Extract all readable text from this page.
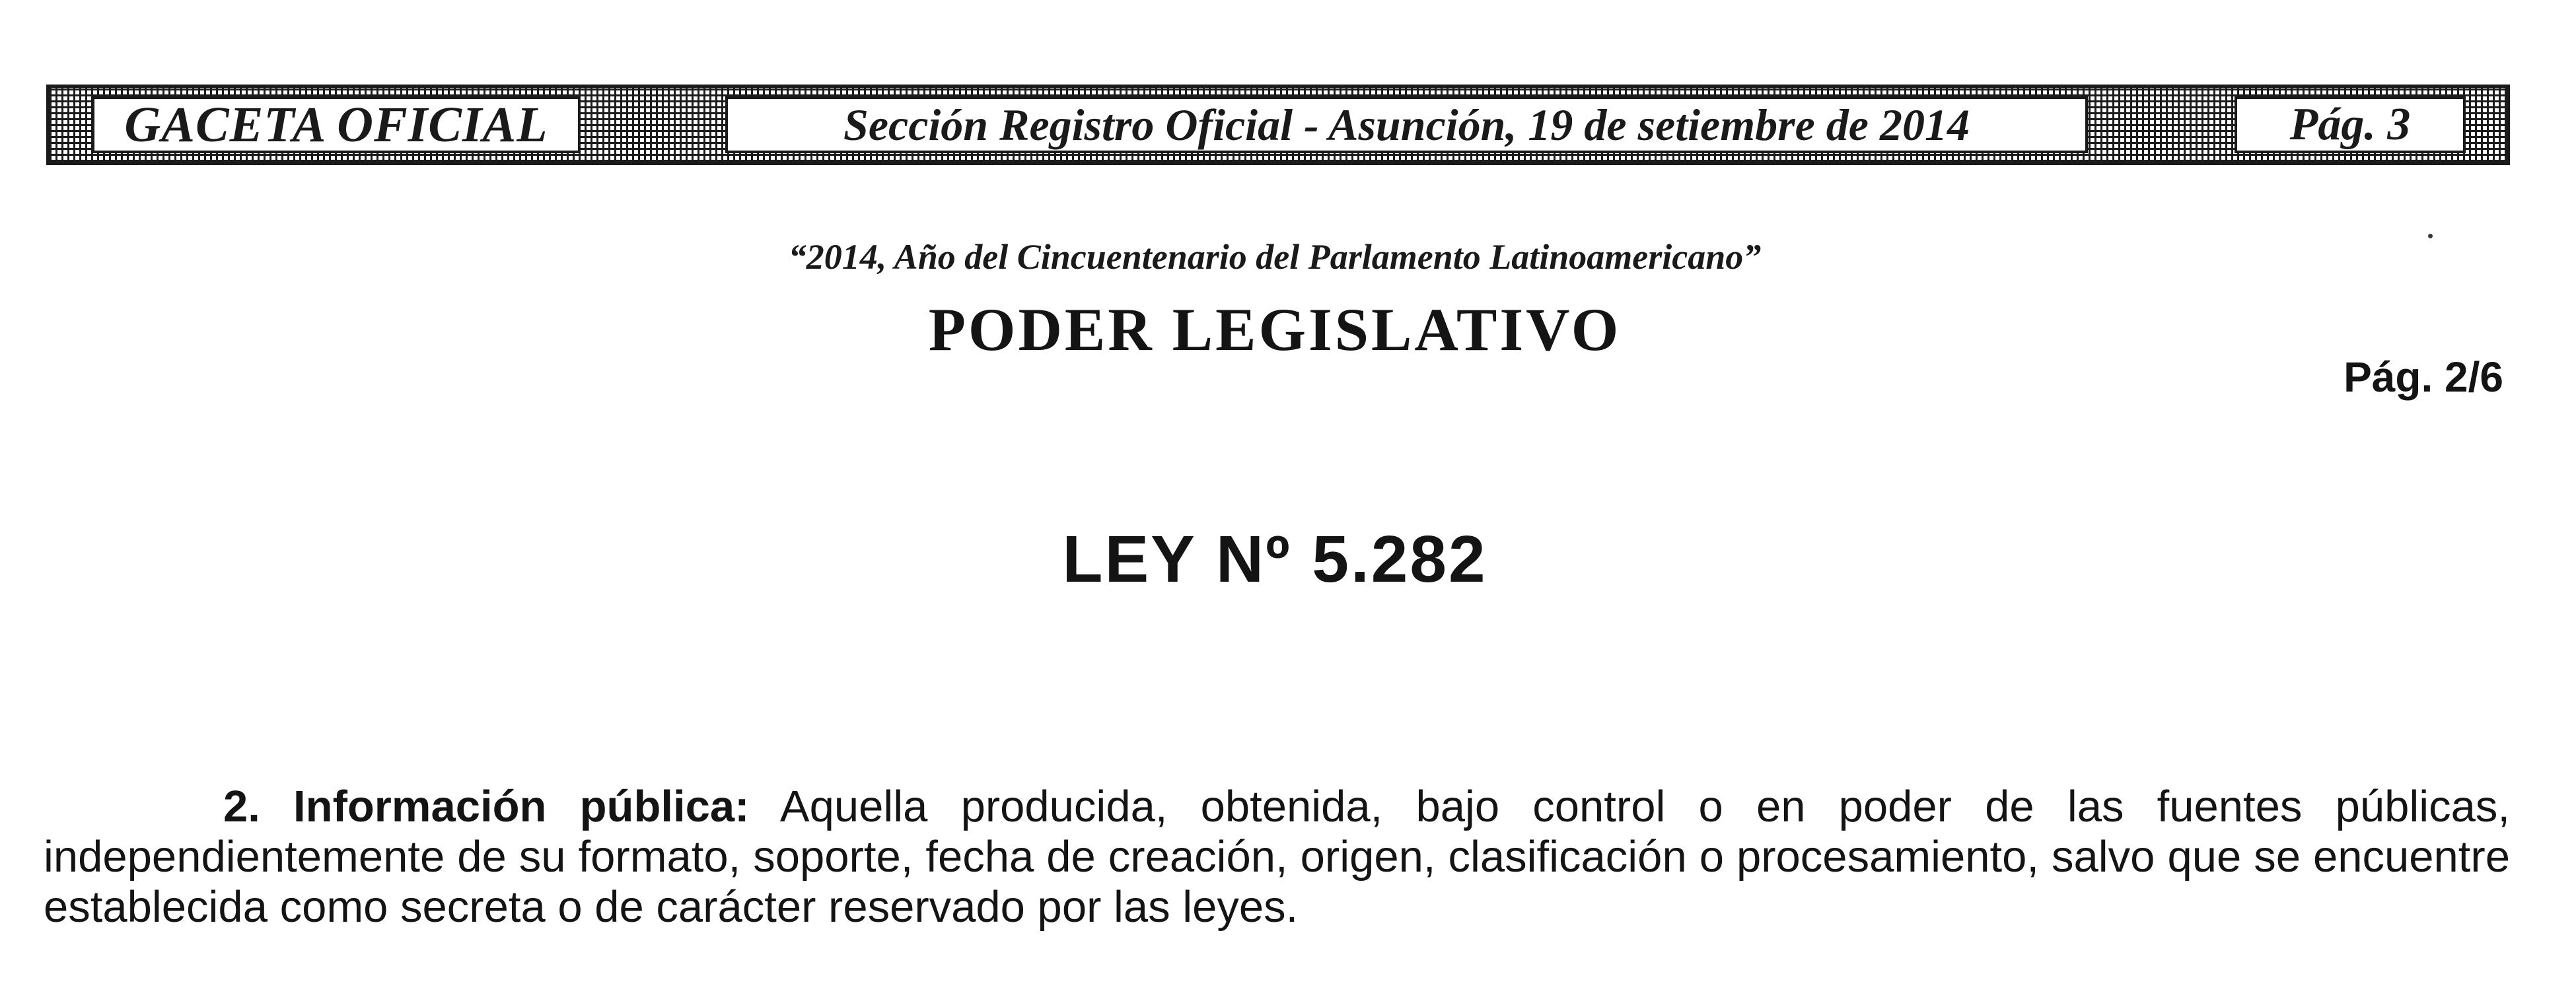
GACETA OFICIAL	Sección Registro Oficial - Asunción, 19 de setiembre de 2014	Pág. 3
“2014, Año del Cincuentenario del Parlamento Latinoamericano”
PODER LEGISLATIVO
Pág. 2/6
LEY Nº 5.282

2. Información pública: Aquella producida, obtenida, bajo control o en poder de las fuentes públicas, independientemente de su formato, soporte, fecha de creación, origen, clasificación o procesamiento, salvo que se encuentre establecida como secreta o de carácter reservado por las leyes.
